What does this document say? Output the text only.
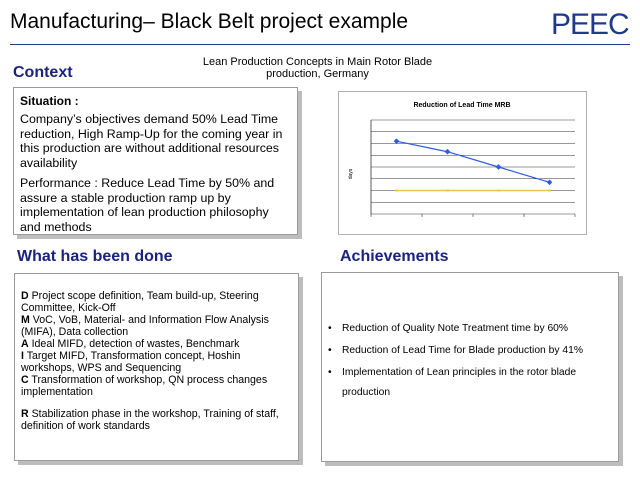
Manufacturing– Black Belt project example	PEEC
Lean Production Concepts in Main Rotor Blade production, Germany
Context
Situation :
Company’s objectives demand 50% Lead Time reduction, High Ramp-Up for the coming year in this production are without additional resources availability
Performance : Reduce Lead Time by 50% and assure a stable production ramp up by implementation of lean production philosophy and methods
Reduction of Lead Time MRB
days
What has been done
D Project scope definition, Team build-up, Steering Committee, Kick-Off
M VoC, VoB, Material- and Information Flow Analysis (MIFA), Data collection
A Ideal MIFD, detection of wastes, Benchmark
I Target MIFD, Transformation concept, Hoshin workshops, WPS and Sequencing
C Transformation of workshop, QN process changes implementation
R Stabilization phase in the workshop, Training of staff, definition of work standards
Achievements
•	Reduction of Quality Note Treatment time by 60%
•	Reduction of Lead Time for Blade production by 41%
•	Implementation of Lean principles in the rotor blade production
